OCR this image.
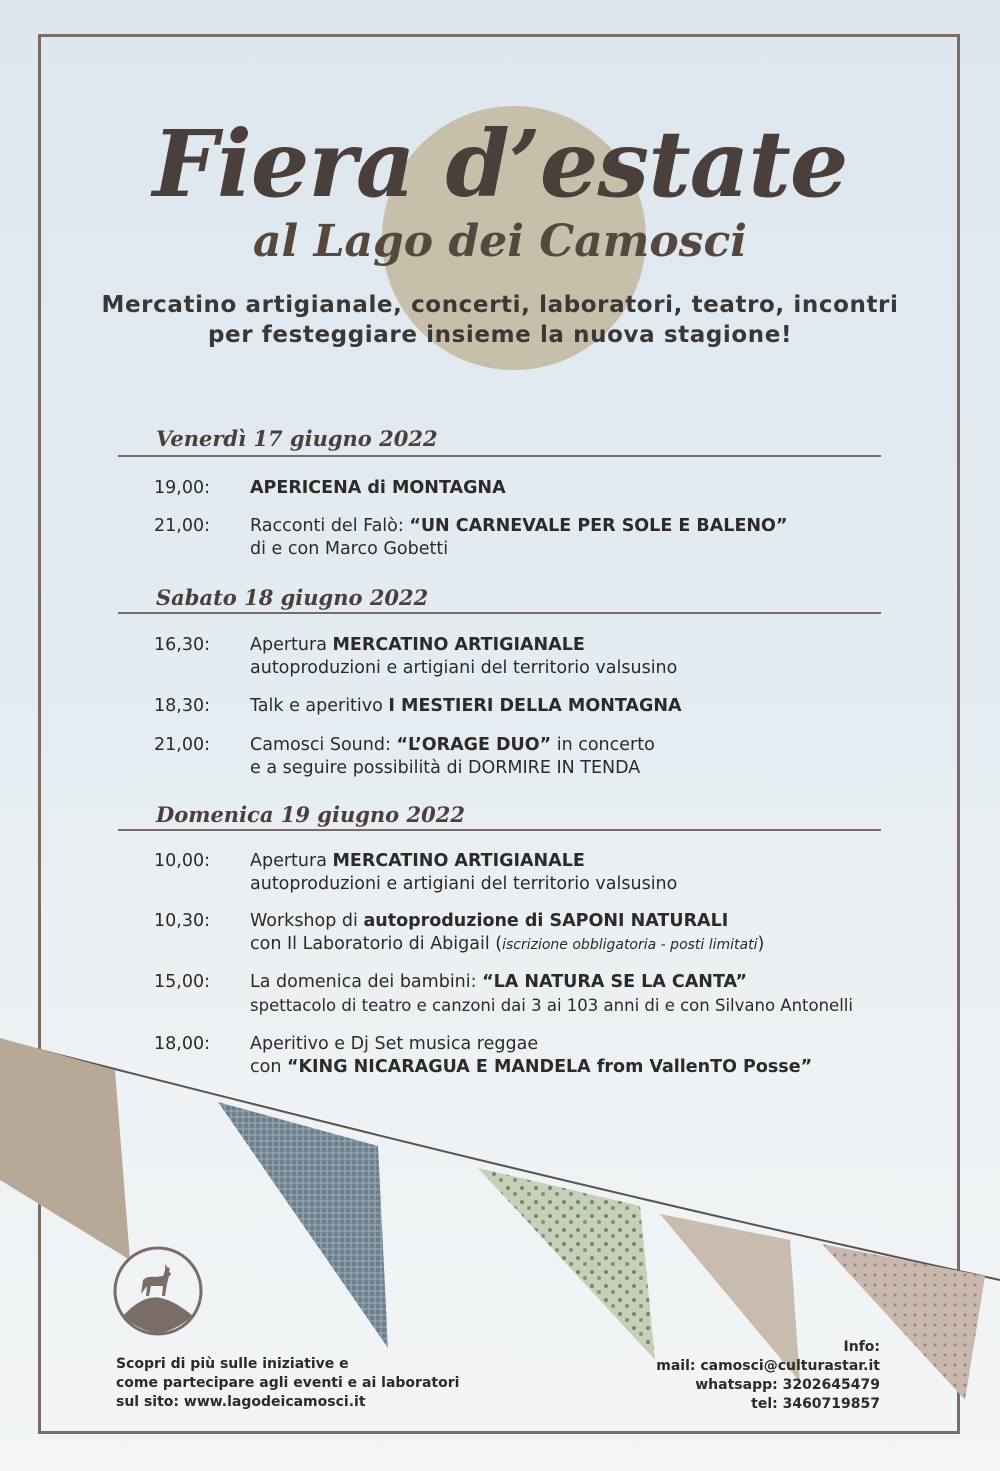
Fiera d’estate
al Lago dei Camosci
Mercatino artigianale, concerti, laboratori, teatro, incontri
per festeggiare insieme la nuova stagione!
Venerdì 17 giugno 2022
19,00: APERICENA di MONTAGNA
21,00: Racconti del Falò: “UN CARNEVALE PER SOLE E BALENO”
di e con Marco Gobetti
Sabato 18 giugno 2022
16,30: Apertura MERCATINO ARTIGIANALE
autoproduzioni e artigiani del territorio valsusino
18,30: Talk e aperitivo I MESTIERI DELLA MONTAGNA
21,00: Camosci Sound: “L’ORAGE DUO” in concerto
e a seguire possibilità di DORMIRE IN TENDA
Domenica 19 giugno 2022
10,00: Apertura MERCATINO ARTIGIANALE
autoproduzioni e artigiani del territorio valsusino
10,30: Workshop di autoproduzione di SAPONI NATURALI
con Il Laboratorio di Abigail (iscrizione obbligatoria - posti limitati)
15,00: La domenica dei bambini: “LA NATURA SE LA CANTA”
spettacolo di teatro e canzoni dai 3 ai 103 anni di e con Silvano Antonelli
18,00: Aperitivo e Dj Set musica reggae
con “KING NICARAGUA E MANDELA from VallenTO Posse”
Scopri di più sulle iniziative e
come partecipare agli eventi e ai laboratori
sul sito: www.lagodeicamosci.it
Info:
mail: camosci@culturastar.it
whatsapp: 3202645479
tel: 3460719857
